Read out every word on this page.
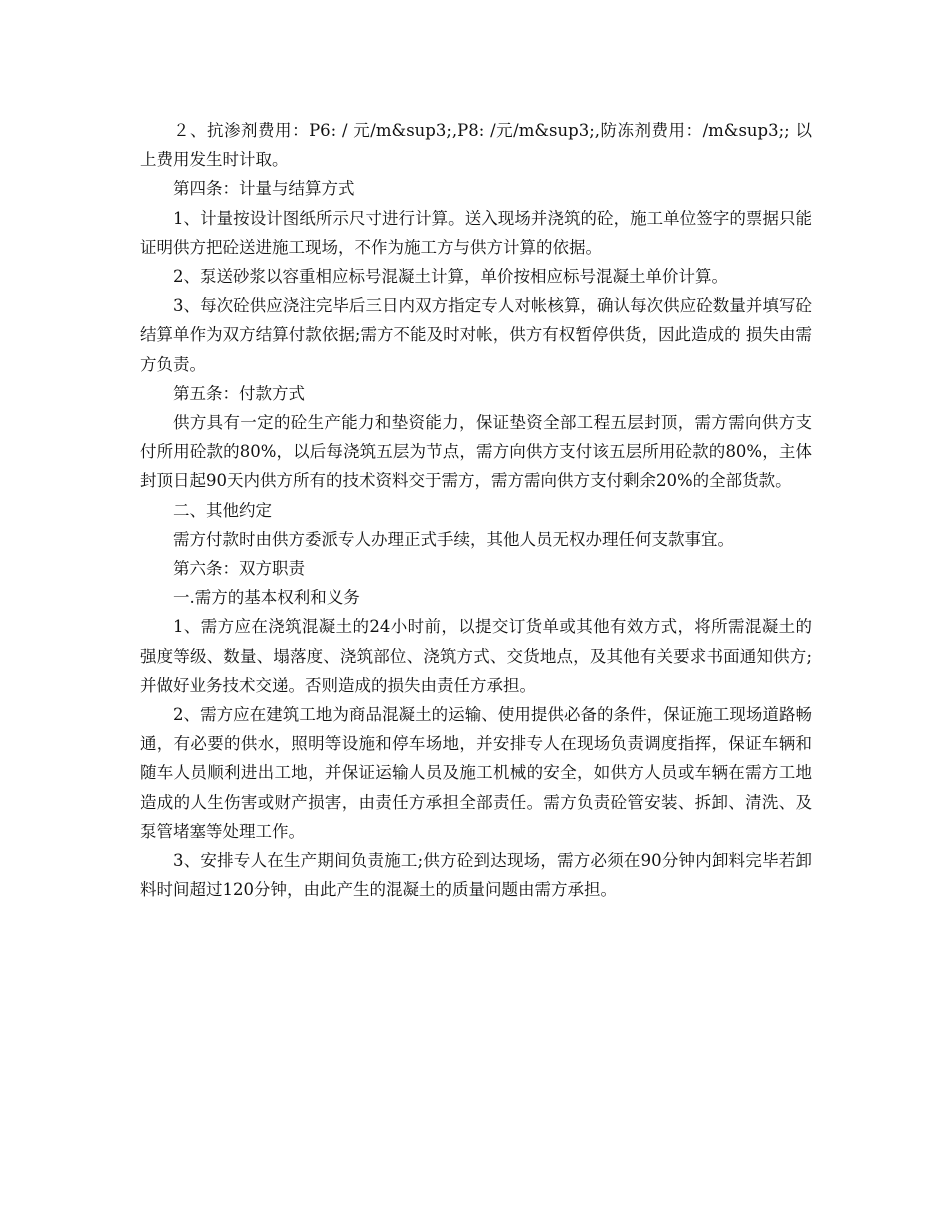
２、抗渗剂费用：P6: / 元/m&sup3;,P8: /元/m&sup3;,防冻剂费用：/m&sup3;; 以上费用发生时计取。

第四条：计量与结算方式

1、计量按设计图纸所示尺寸进行计算。送入现场并浇筑的砼，施工单位签字的票据只能证明供方把砼送进施工现场，不作为施工方与供方计算的依据。

2、泵送砂浆以容重相应标号混凝土计算，单价按相应标号混凝土单价计算。

3、每次砼供应浇注完毕后三日内双方指定专人对帐核算，确认每次供应砼数量并填写砼 结算单作为双方结算付款依据;需方不能及时对帐，供方有权暂停供货，因此造成的 损失由需方负责。

第五条：付款方式

供方具有一定的砼生产能力和垫资能力，保证垫资全部工程五层封顶，需方需向供方支付所用砼款的80%，以后每浇筑五层为节点，需方向供方支付该五层所用砼款的80%，主体封顶日起90天内供方所有的技术资料交于需方，需方需向供方支付剩余20%的全部货款。

二、其他约定

需方付款时由供方委派专人办理正式手续，其他人员无权办理任何支款事宜。

第六条：双方职责

一.需方的基本权利和义务

1、需方应在浇筑混凝土的24小时前，以提交订货单或其他有效方式，将所需混凝土的强度等级、数量、塌落度、浇筑部位、浇筑方式、交货地点，及其他有关要求书面通知供方;并做好业务技术交递。否则造成的损失由责任方承担。

2、需方应在建筑工地为商品混凝土的运输、使用提供必备的条件，保证施工现场道路畅通，有必要的供水，照明等设施和停车场地，并安排专人在现场负责调度指挥，保证车辆和随车人员顺利进出工地，并保证运输人员及施工机械的安全，如供方人员或车辆在需方工地造成的人生伤害或财产损害，由责任方承担全部责任。需方负责砼管安装、拆卸、清洗、及泵管堵塞等处理工作。

3、安排专人在生产期间负责施工;供方砼到达现场，需方必须在90分钟内卸料完毕若卸料时间超过120分钟，由此产生的混凝土的质量问题由需方承担。
